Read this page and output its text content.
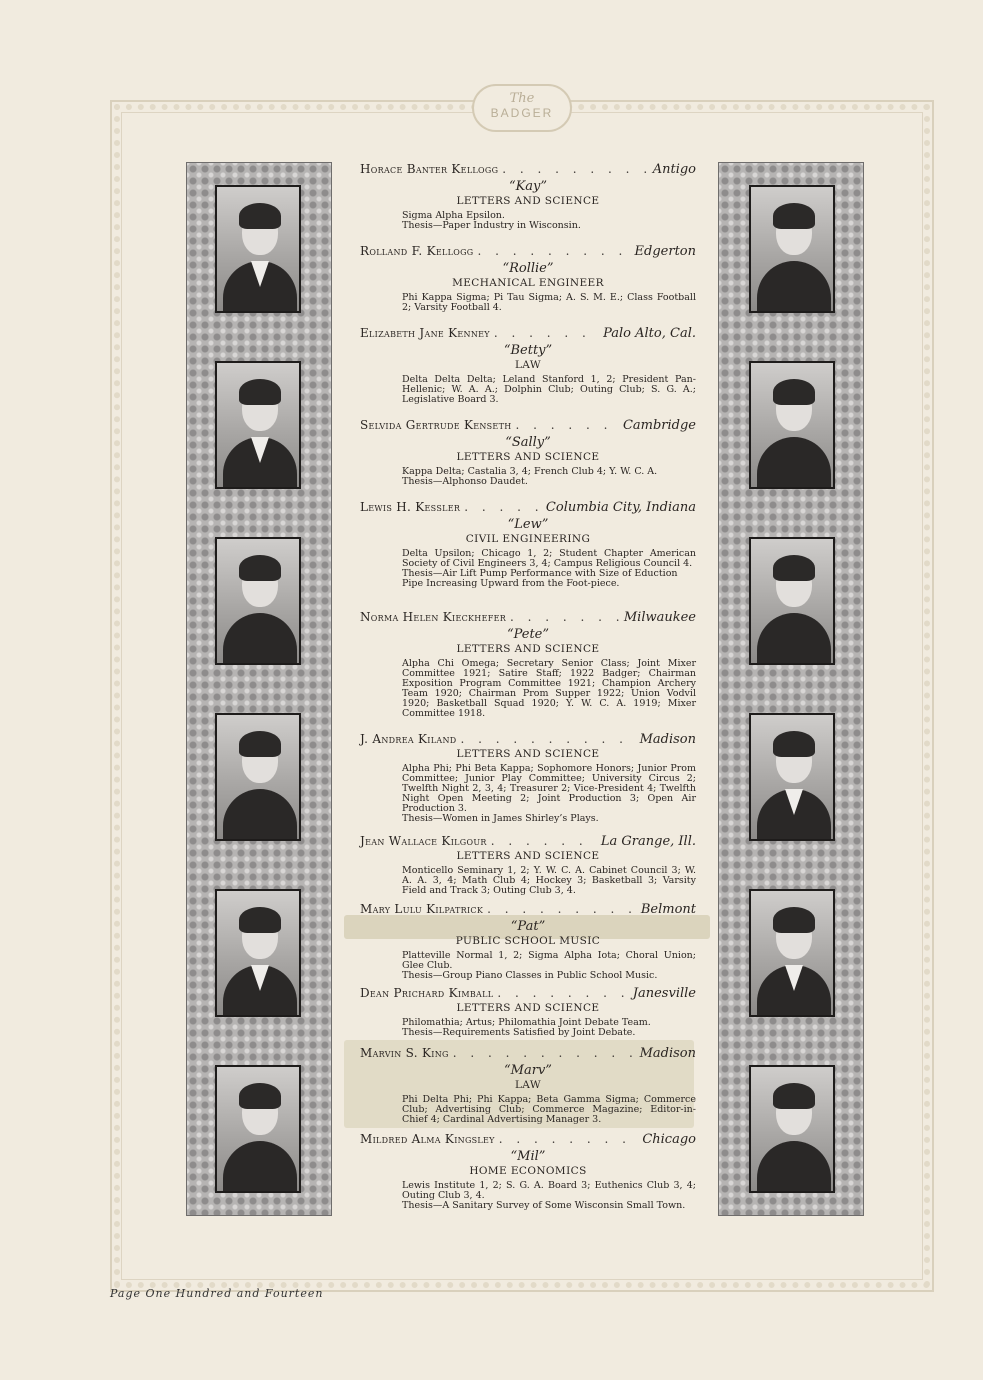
The
BADGER
Horace Banter Kellogg . . .	Antigo
“Kay”
LETTERS AND SCIENCE
Sigma Alpha Epsilon.
Thesis—Paper Industry in Wisconsin.
Rolland F. Kellogg . . .	Edgerton
“Rollie”
MECHANICAL ENGINEER
Phi Kappa Sigma; Pi Tau Sigma; A. S. M. E.; Class Football 2; Varsity Football 4.
Elizabeth Jane Kenney . . .	Palo Alto, Cal.
“Betty”
LAW
Delta Delta Delta; Leland Stanford 1, 2; President Pan-Hellenic; W. A. A.; Dolphin Club; Outing Club; S. G. A.; Legislative Board 3.
Selvida Gertrude Kenseth . . .	Cambridge
“Sally”
LETTERS AND SCIENCE
Kappa Delta; Castalia 3, 4; French Club 4; Y. W. C. A.
Thesis—Alphonso Daudet.
Lewis H. Kessler . . .	Columbia City, Indiana
“Lew”
CIVIL ENGINEERING
Delta Upsilon; Chicago 1, 2; Student Chapter American Society of Civil Engineers 3, 4; Campus Religious Council 4.
Thesis—Air Lift Pump Performance with Size of Eduction Pipe Increasing Upward from the Foot-piece.
Norma Helen Kieckhefer . . .	Milwaukee
“Pete”
LETTERS AND SCIENCE
Alpha Chi Omega; Secretary Senior Class; Joint Mixer Committee 1921; Satire Staff; 1922 Badger; Chairman Exposition Program Committee 1921; Champion Archery Team 1920; Chairman Prom Supper 1922; Union Vodvil 1920; Basketball Squad 1920; Y. W. C. A. 1919; Mixer Committee 1918.
J. Andrea Kiland . . .	Madison
LETTERS AND SCIENCE
Alpha Phi; Phi Beta Kappa; Sophomore Honors; Junior Prom Committee; Junior Play Committee; University Circus 2; Twelfth Night 2, 3, 4; Treasurer 2; Vice-President 4; Twelfth Night Open Meeting 2; Joint Production 3; Open Air Production 3.
Thesis—Women in James Shirley’s Plays.
Jean Wallace Kilgour . . .	La Grange, Ill.
LETTERS AND SCIENCE
Monticello Seminary 1, 2; Y. W. C. A. Cabinet Council 3; W. A. A. 3, 4; Math Club 4; Hockey 3; Basketball 3; Varsity Field and Track 3; Outing Club 3, 4.
Mary Lulu Kilpatrick . . .	Belmont
“Pat”
PUBLIC SCHOOL MUSIC
Platteville Normal 1, 2; Sigma Alpha Iota; Choral Union; Glee Club.
Thesis—Group Piano Classes in Public School Music.
Dean Prichard Kimball . . .	Janesville
LETTERS AND SCIENCE
Philomathia; Artus; Philomathia Joint Debate Team.
Thesis—Requirements Satisfied by Joint Debate.
Marvin S. King . . .	Madison
“Marv”
LAW
Phi Delta Phi; Phi Kappa; Beta Gamma Sigma; Commerce Club; Advertising Club; Commerce Magazine; Editor-in-Chief 4; Cardinal Advertising Manager 3.
Mildred Alma Kingsley . . .	Chicago
“Mil”
HOME ECONOMICS
Lewis Institute 1, 2; S. G. A. Board 3; Euthenics Club 3, 4; Outing Club 3, 4.
Thesis—A Sanitary Survey of Some Wisconsin Small Town.
Page One Hundred and Fourteen
